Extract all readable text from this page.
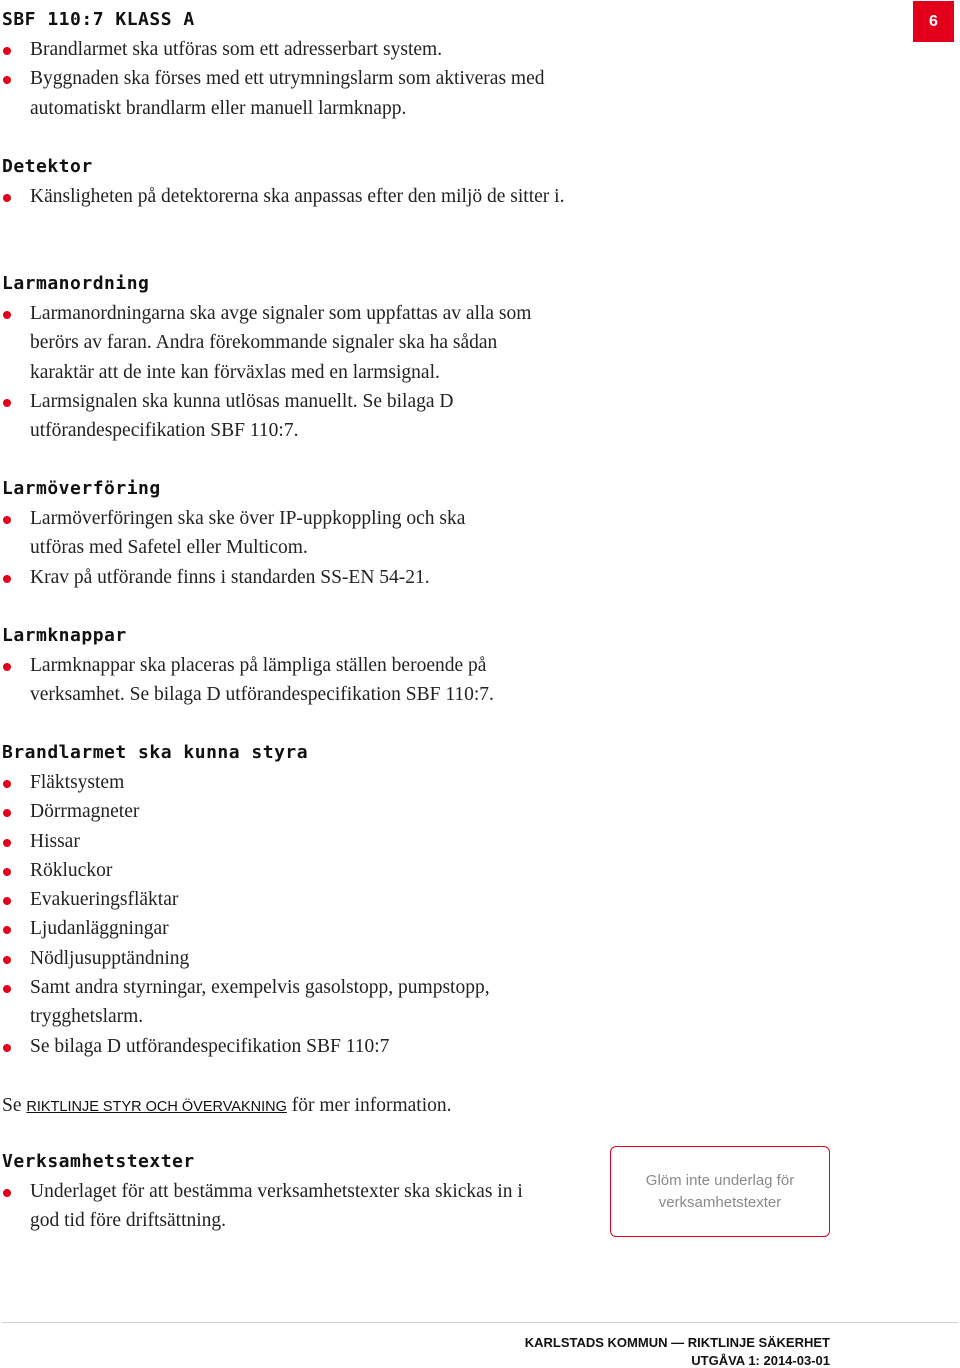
6
SBF 110:7 KLASS A
Brandlarmet ska utföras som ett adresserbart system.
Byggnaden ska förses med ett utrymningslarm som aktiveras med automatiskt brandlarm eller manuell larmknapp.
Detektor
Känsligheten på detektorerna ska anpassas efter den miljö de sitter i.
Larmanordning
Larmanordningarna ska avge signaler som uppfattas av alla som berörs av faran. Andra förekommande signaler ska ha sådan karaktär att de inte kan förväxlas med en larmsignal.
Larmsignalen ska kunna utlösas manuellt. Se bilaga D utförandespecifikation SBF 110:7.
Larmöverföring
Larmöverföringen ska ske över IP-uppkoppling och ska utföras med Safetel eller Multicom.
Krav på utförande finns i standarden SS-EN 54-21.
Larmknappar
Larmknappar ska placeras på lämpliga ställen beroende på verksamhet. Se bilaga D utförandespecifikation SBF 110:7.
Brandlarmet ska kunna styra
Fläktsystem
Dörrmagneter
Hissar
Rökluckor
Evakueringsfläktar
Ljudanläggningar
Nödljusupptändning
Samt andra styrningar, exempelvis gasolstopp, pumpstopp, trygghetslarm.
Se bilaga D utförandespecifikation SBF 110:7

Se RIKTLINJE STYR OCH ÖVERVAKNING för mer information.

Verksamhetstexter
Underlaget för att bestämma verksamhetstexter ska skickas in i god tid före driftsättning.
Glöm inte underlag för verksamhetstexter

KARLSTADS KOMMUN — RIKTLINJE SÄKERHET

UTGÅVA 1: 2014-03-01
